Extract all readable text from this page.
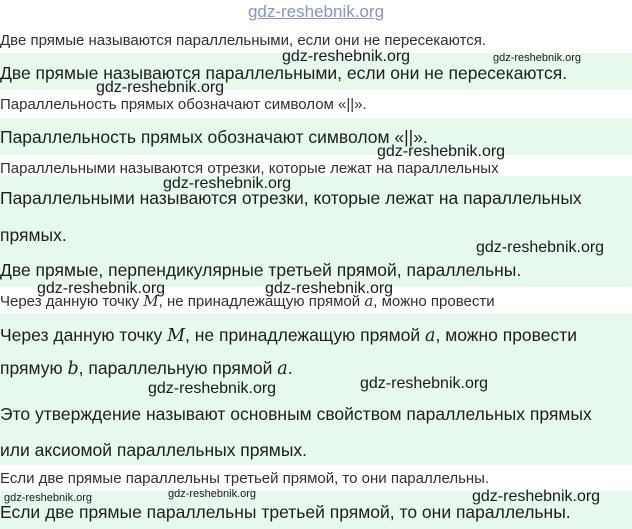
gdz-reshebnik.org
Две прямые называются параллельными, если они не пересекаются.
Две прямые называются параллельными, если они не пересекаются.
Параллельность прямых обозначают символом «||».
Параллельность прямых обозначают символом «||».
Параллельными называются отрезки, которые лежат на параллельных
Параллельными называются отрезки, которые лежат на параллельных
прямых.
Две прямые, перпендикулярные третьей прямой, параллельны.
Через данную точку M, не принадлежащую прямой a, можно провести
Через данную точку M, не принадлежащую прямой a, можно провести
прямую b, параллельную прямой a.
Это утверждение называют основным свойством параллельных прямых
или аксиомой параллельных прямых.
Если две прямые параллельны третьей прямой, то они параллельны.
Если две прямые параллельны третьей прямой, то они параллельны.
gdz-reshebnik.org	gdz-reshebnik.org
gdz-reshebnik.org
gdz-reshebnik.org
gdz-reshebnik.org
gdz-reshebnik.org
gdz-reshebnik.org	gdz-reshebnik.org
gdz-reshebnik.org	gdz-reshebnik.org
gdz-reshebnik.org	gdz-reshebnik.org	gdz-reshebnik.org
